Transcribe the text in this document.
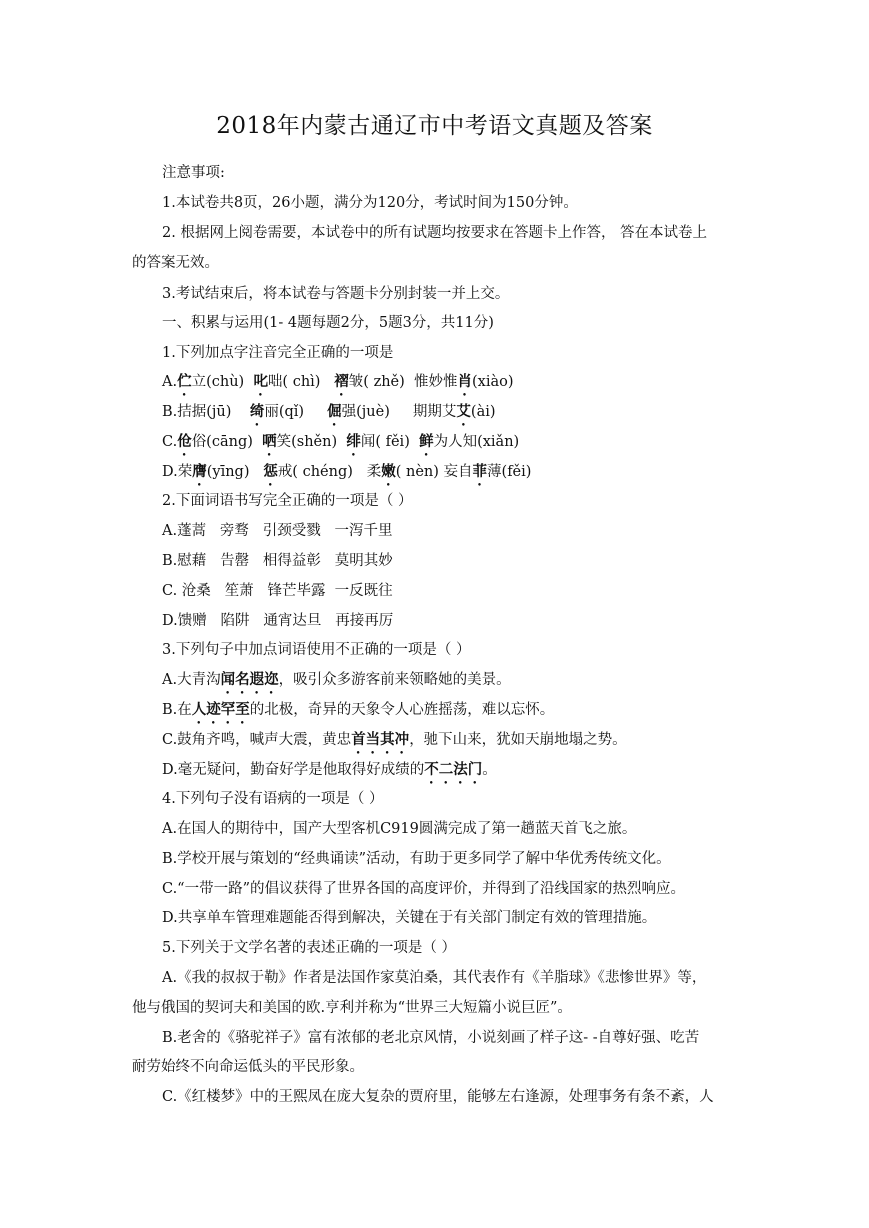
2018年内蒙古通辽市中考语文真题及答案
注意事项:
1.本试卷共8页，26小题，满分为120分，考试时间为150分钟。
2. 根据网上阅卷需要，本试卷中的所有试题均按要求在答题卡上作答， 答在本试卷上
的答案无效。
3.考试结束后，将本试卷与答题卡分别封装一并上交。
一、积累与运用(1- 4题每题2分，5题3分，共11分)
1.下列加点字注音完全正确的一项是
A.伫立(chù)  叱咄( chì)   褶皱( zhě)  惟妙惟肖(xiào)
B.拮据(jū)    绮丽(qǐ)     倔强(juè)     期期艾艾(ài)
C.伧俗(cāng)  哂笑(shěn)  绯闻( fěi)  鲜为人知(xiǎn)
D.荣膺(yīng)   惩戒( chéng)   柔嫩( nèn) 妄自菲薄(fěi)
2.下面词语书写完全正确的一项是（ ）
A.蓬蒿   旁骛   引颈受戮   一泻千里
B.慰藉   告罄   相得益彰   莫明其妙
C. 沧桑   笙萧   锋芒毕露  一反既往
D.馈赠   陷阱   通宵达旦   再接再厉
3.下列句子中加点词语使用不正确的一项是（ ）
A.大青沟闻名遐迩，吸引众多游客前来领略她的美景。
B.在人迹罕至的北极，奇异的天象令人心旌摇荡，难以忘怀。
C.鼓角齐鸣，喊声大震，黄忠首当其冲，驰下山来，犹如天崩地塌之势。
D.毫无疑问，勤奋好学是他取得好成绩的不二法门。
4.下列句子没有语病的一项是（ ）
A.在国人的期待中，国产大型客机C919圆满完成了第一趟蓝天首飞之旅。
B.学校开展与策划的“经典诵读”活动，有助于更多同学了解中华优秀传统文化。
C.“一带一路”的倡议获得了世界各国的高度评价，并得到了沿线国家的热烈响应。
D.共享单车管理难题能否得到解决，关键在于有关部门制定有效的管理措施。
5.下列关于文学名著的表述正确的一项是（ ）
A.《我的叔叔于勒》作者是法国作家莫泊桑，其代表作有《羊脂球》《悲惨世界》等，
他与俄国的契诃夫和美国的欧.亨利并称为“世界三大短篇小说巨匠”。
B.老舍的《骆驼祥子》富有浓郁的老北京风情，小说刻画了样子这- -自尊好强、吃苦
耐劳始终不向命运低头的平民形象。
C.《红楼梦》中的王熙凤在庞大复杂的贾府里，能够左右逢源，处理事务有条不紊，人
